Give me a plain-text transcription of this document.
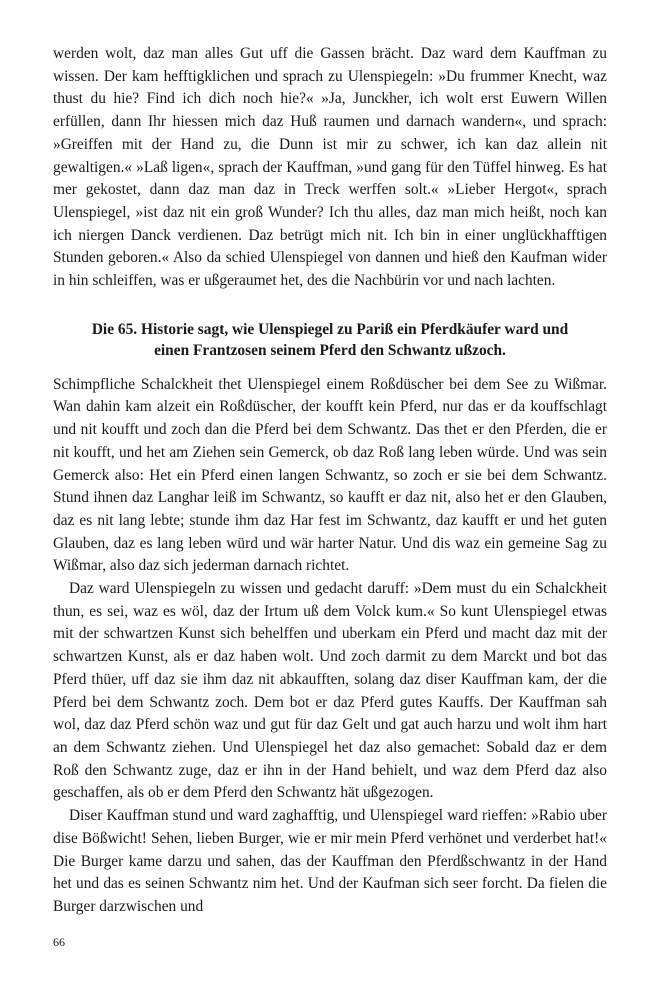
werden wolt, daz man alles Gut uff die Gassen brächt. Daz ward dem Kauffman zu wissen. Der kam hefftigklichen und sprach zu Ulenspiegeln: »Du frummer Knecht, waz thust du hie? Find ich dich noch hie?« »Ja, Junckher, ich wolt erst Euwern Willen erfüllen, dann Ihr hiessen mich daz Huß raumen und darnach wandern«, und sprach: »Greiffen mit der Hand zu, die Dunn ist mir zu schwer, ich kan daz allein nit gewaltigen.« »Laß ligen«, sprach der Kauffman, »und gang für den Tüffel hinweg. Es hat mer gekostet, dann daz man daz in Treck werffen solt.« »Lieber Hergot«, sprach Ulenspiegel, »ist daz nit ein groß Wunder? Ich thu alles, daz man mich heißt, noch kan ich niergen Danck verdienen. Daz betrügt mich nit. Ich bin in einer unglückhafftigen Stunden geboren.« Also da schied Ulenspiegel von dannen und hieß den Kaufman wider in hin schleiffen, was er ußgeraumet het, des die Nachbürin vor und nach lachten.

Die 65. Historie sagt, wie Ulenspiegel zu Pariß ein Pferdkäufer ward und
einen Frantzosen seinem Pferd den Schwantz ußzoch.

Schimpfliche Schalckheit thet Ulenspiegel einem Roßdüscher bei dem See zu Wißmar. Wan dahin kam alzeit ein Roßdüscher, der koufft kein Pferd, nur das er da kouffschlagt und nit koufft und zoch dan die Pferd bei dem Schwantz. Das thet er den Pferden, die er nit koufft, und het am Ziehen sein Gemerck, ob daz Roß lang leben würde. Und was sein Gemerck also: Het ein Pferd einen langen Schwantz, so zoch er sie bei dem Schwantz. Stund ihnen daz Langhar leiß im Schwantz, so kaufft er daz nit, also het er den Glauben, daz es nit lang lebte; stunde ihm daz Har fest im Schwantz, daz kaufft er und het guten Glauben, daz es lang leben würd und wär harter Natur. Und dis waz ein gemeine Sag zu Wißmar, also daz sich jederman darnach richtet.

Daz ward Ulenspiegeln zu wissen und gedacht daruff: »Dem must du ein Schalckheit thun, es sei, waz es wöl, daz der Irtum uß dem Volck kum.« So kunt Ulenspiegel etwas mit der schwartzen Kunst sich behelffen und uberkam ein Pferd und macht daz mit der schwartzen Kunst, als er daz haben wolt. Und zoch darmit zu dem Marckt und bot das Pferd thüer, uff daz sie ihm daz nit abkaufften, solang daz diser Kauffman kam, der die Pferd bei dem Schwantz zoch. Dem bot er daz Pferd gutes Kauffs. Der Kauffman sah wol, daz daz Pferd schön waz und gut für daz Gelt und gat auch harzu und wolt ihm hart an dem Schwantz ziehen. Und Ulenspiegel het daz also gemachet: Sobald daz er dem Roß den Schwantz zuge, daz er ihn in der Hand behielt, und waz dem Pferd daz also geschaffen, als ob er dem Pferd den Schwantz hät ußgezogen.

Diser Kauffman stund und ward zaghafftig, und Ulenspiegel ward rieffen: »Rabio uber dise Bößwicht! Sehen, lieben Burger, wie er mir mein Pferd verhönet und verderbet hat!« Die Burger kame darzu und sahen, das der Kauffman den Pferdßschwantz in der Hand het und das es seinen Schwantz nim het. Und der Kaufman sich seer forcht. Da fielen die Burger darzwischen und

66
